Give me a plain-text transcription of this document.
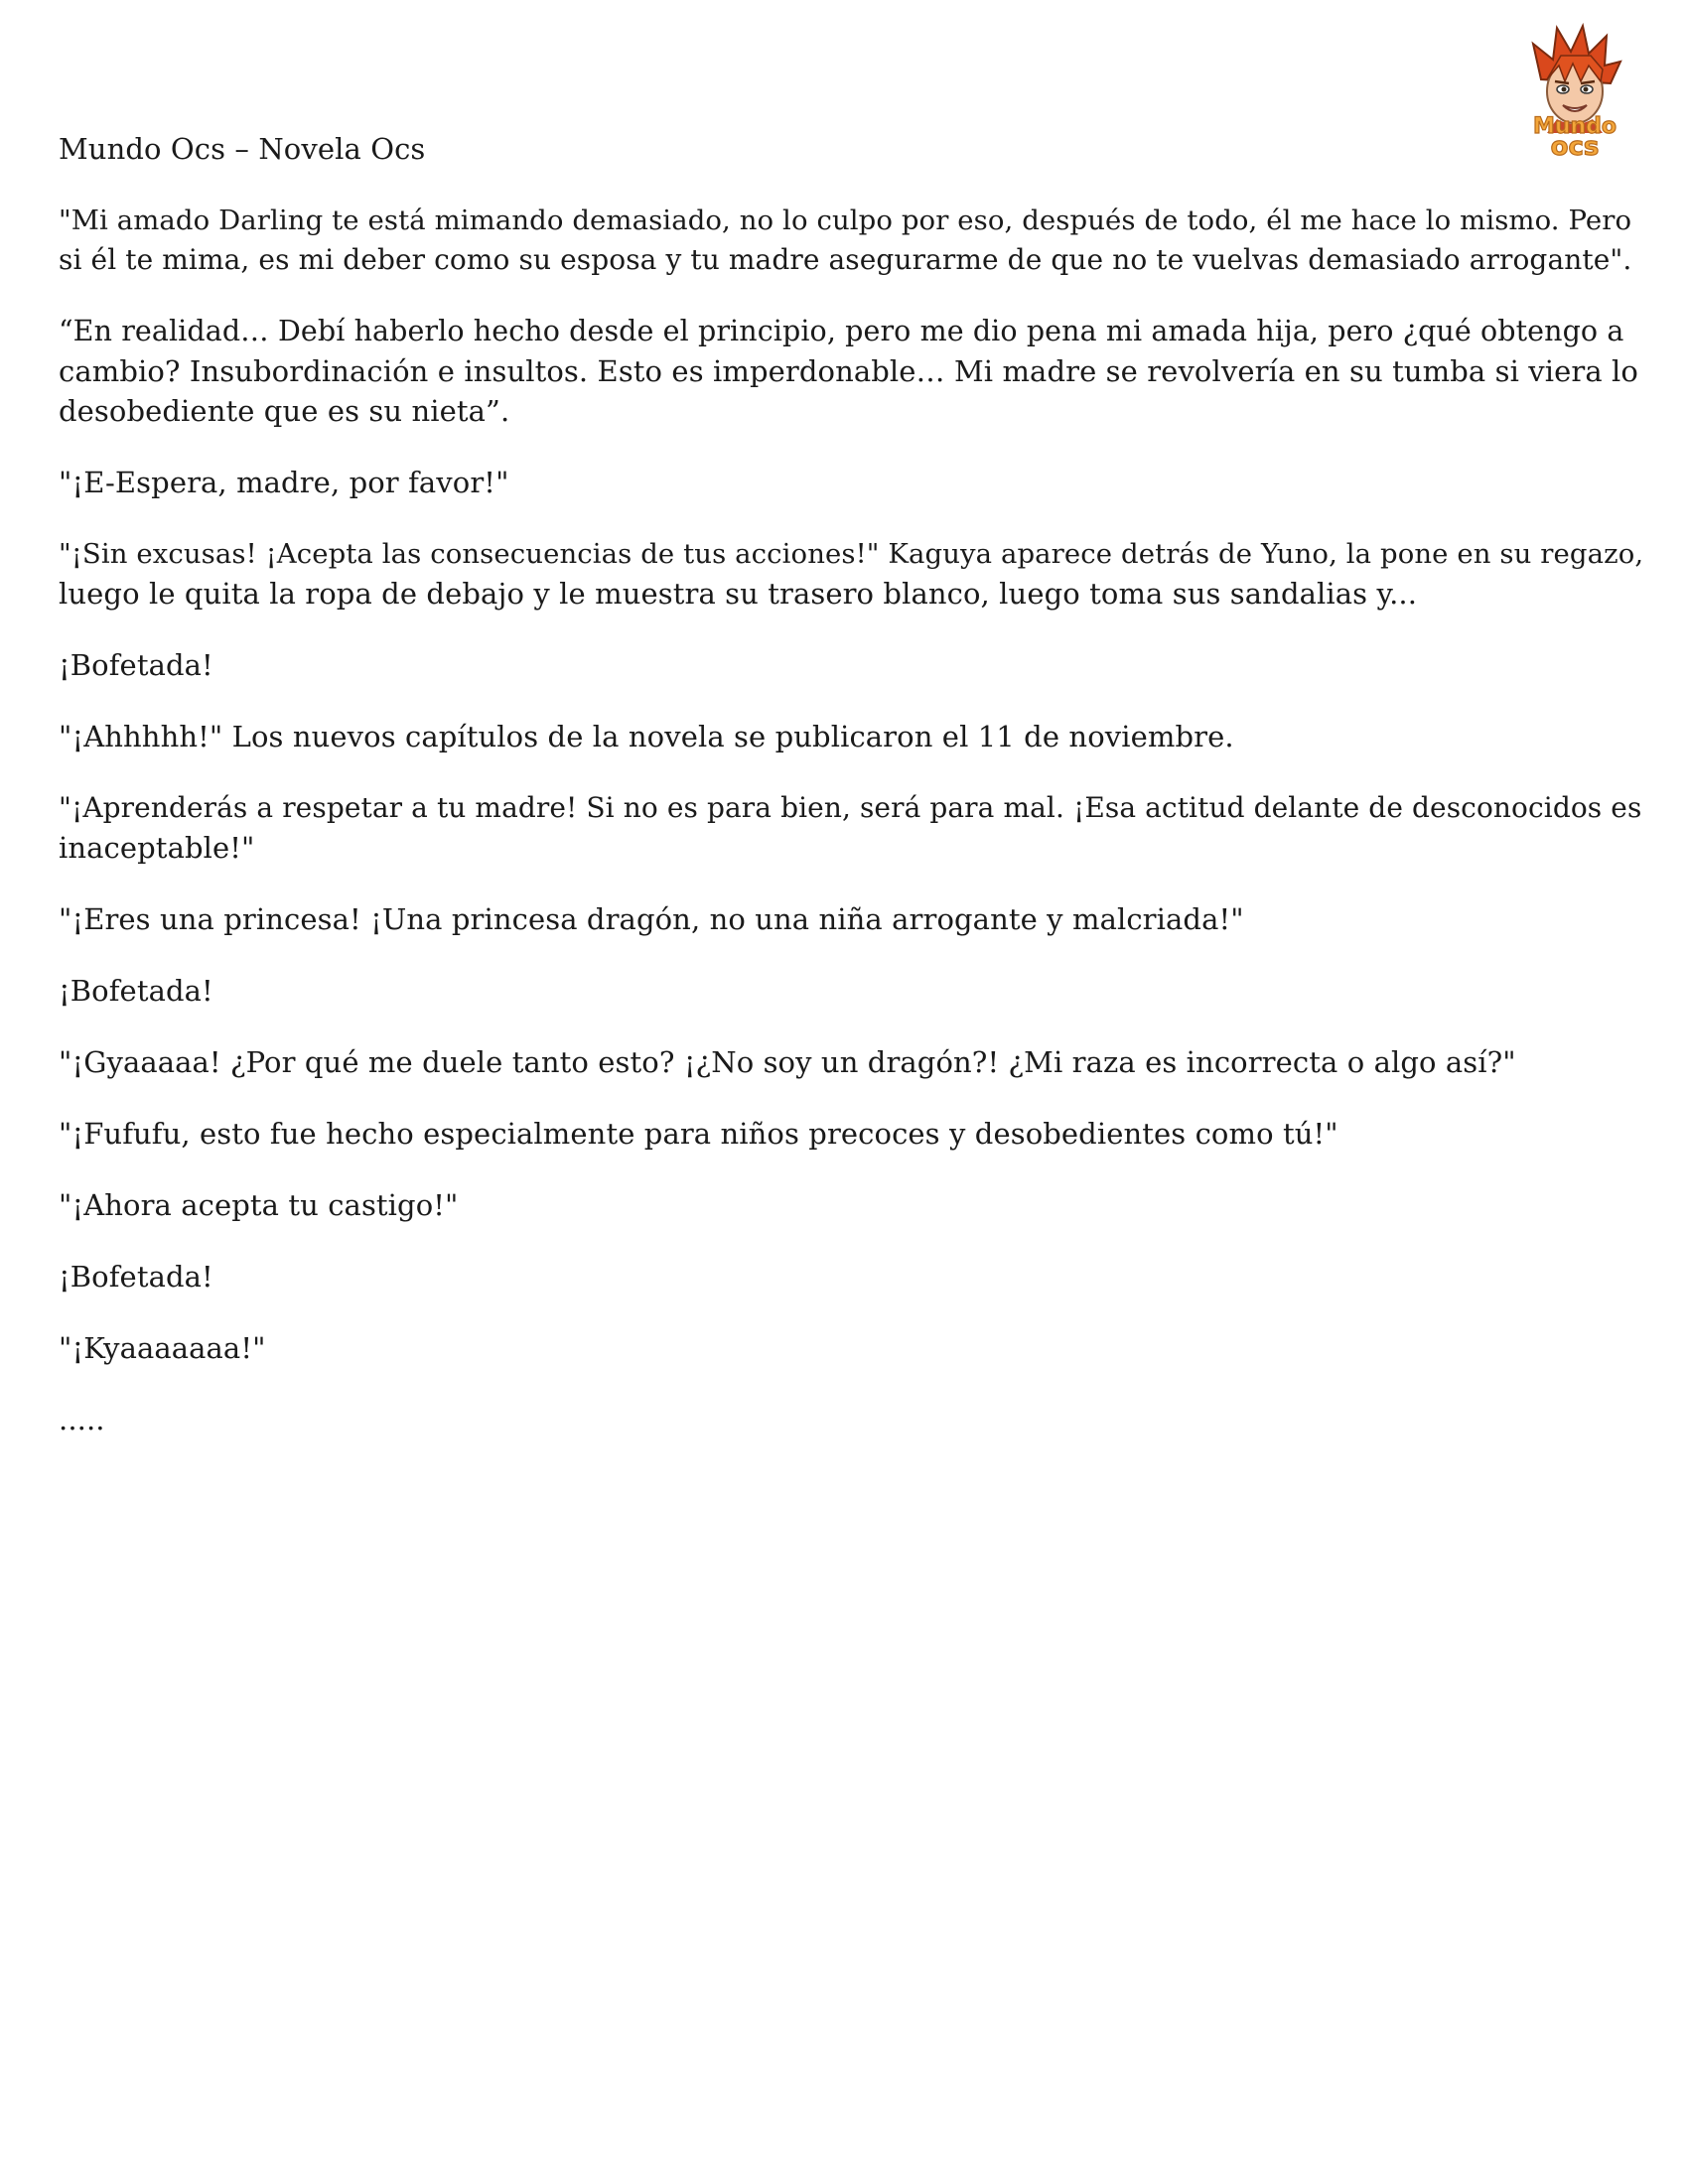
Mundo
ocs

Mundo Ocs – Novela Ocs

"Mi amado Darling te está mimando demasiado, no lo culpo por eso, después de todo, él me hace lo mismo. Pero
si él te mima, es mi deber como su esposa y tu madre asegurarme de que no te vuelvas demasiado arrogante".

“En realidad… Debí haberlo hecho desde el principio, pero me dio pena mi amada hija, pero ¿qué obtengo a
cambio? Insubordinación e insultos. Esto es imperdonable… Mi madre se revolvería en su tumba si viera lo
desobediente que es su nieta”.

"¡E-Espera, madre, por favor!"

"¡Sin excusas! ¡Acepta las consecuencias de tus acciones!" Kaguya aparece detrás de Yuno, la pone en su regazo,
luego le quita la ropa de debajo y le muestra su trasero blanco, luego toma sus sandalias y...

¡Bofetada!

"¡Ahhhhh!" Los nuevos capítulos de la novela se publicaron el 11 de noviembre.

"¡Aprenderás a respetar a tu madre! Si no es para bien, será para mal. ¡Esa actitud delante de desconocidos es
inaceptable!"

"¡Eres una princesa! ¡Una princesa dragón, no una niña arrogante y malcriada!"

¡Bofetada!

"¡Gyaaaaa! ¿Por qué me duele tanto esto? ¡¿No soy un dragón?! ¿Mi raza es incorrecta o algo así?"

"¡Fufufu, esto fue hecho especialmente para niños precoces y desobedientes como tú!"

"¡Ahora acepta tu castigo!"

¡Bofetada!

"¡Kyaaaaaaa!"

.....
